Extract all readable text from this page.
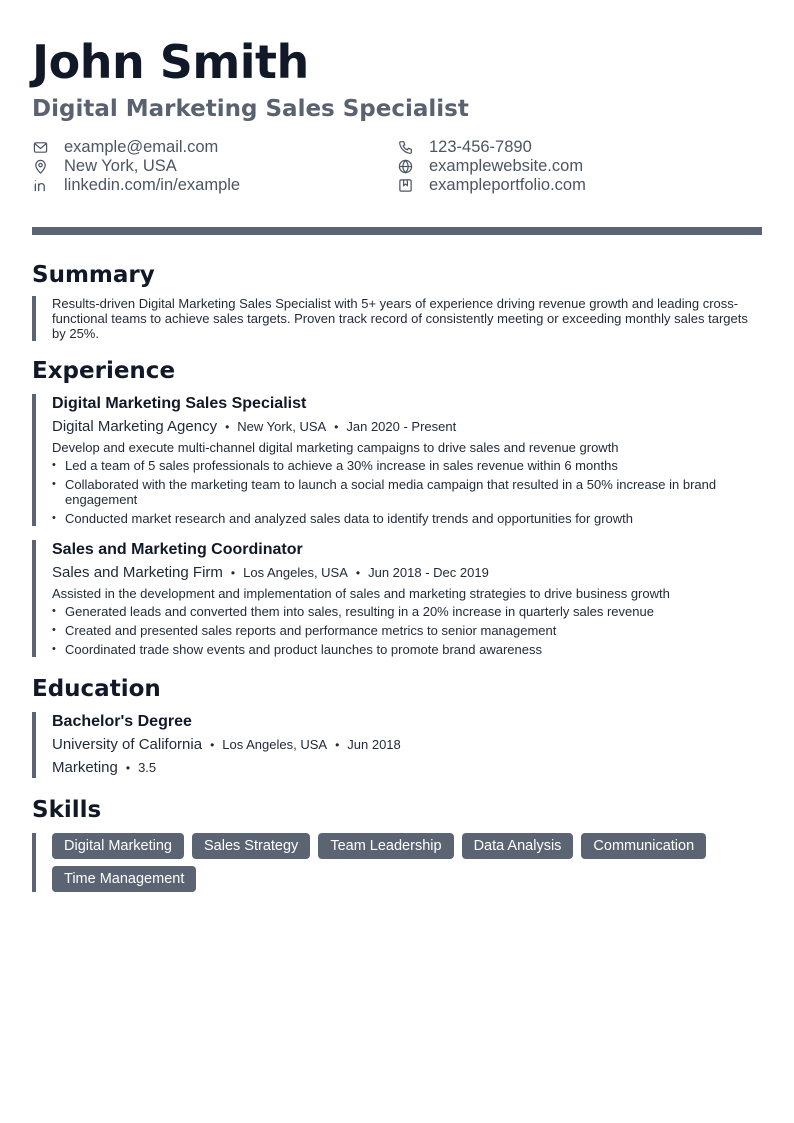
John Smith
Digital Marketing Sales Specialist
example@email.com	123-456-7890
New York, USA	examplewebsite.com
linkedin.com/in/example	exampleportfolio.com
Summary
Results-driven Digital Marketing Sales Specialist with 5+ years of experience driving revenue growth and leading cross-functional teams to achieve sales targets. Proven track record of consistently meeting or exceeding monthly sales targets by 25%.
Experience
Digital Marketing Sales Specialist
Digital Marketing Agency • New York, USA • Jan 2020 - Present
Develop and execute multi-channel digital marketing campaigns to drive sales and revenue growth
• Led a team of 5 sales professionals to achieve a 30% increase in sales revenue within 6 months
• Collaborated with the marketing team to launch a social media campaign that resulted in a 50% increase in brand engagement
• Conducted market research and analyzed sales data to identify trends and opportunities for growth
Sales and Marketing Coordinator
Sales and Marketing Firm • Los Angeles, USA • Jun 2018 - Dec 2019
Assisted in the development and implementation of sales and marketing strategies to drive business growth
• Generated leads and converted them into sales, resulting in a 20% increase in quarterly sales revenue
• Created and presented sales reports and performance metrics to senior management
• Coordinated trade show events and product launches to promote brand awareness
Education
Bachelor's Degree
University of California • Los Angeles, USA • Jun 2018
Marketing • 3.5
Skills
Digital Marketing	Sales Strategy	Team Leadership	Data Analysis	Communication
Time Management
